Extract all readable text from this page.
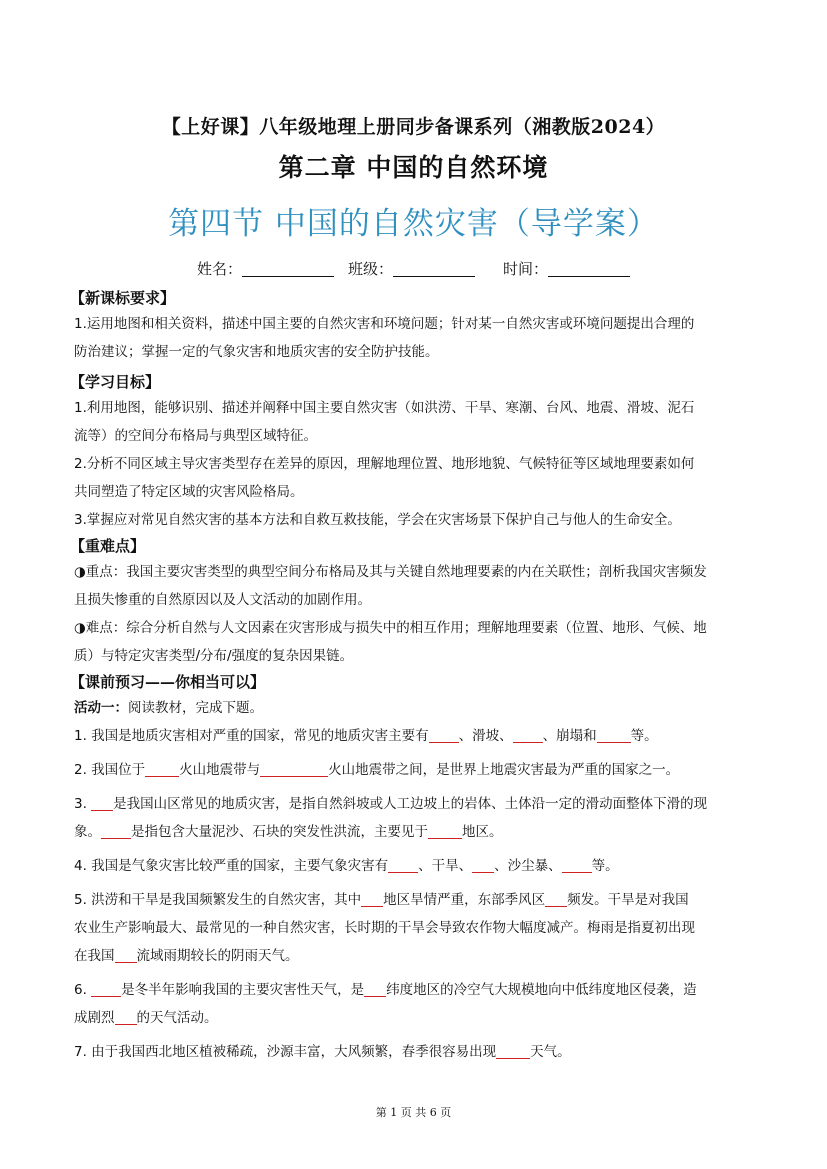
【上好课】八年级地理上册同步备课系列（湘教版2024）
第二章 中国的自然环境
第四节 中国的自然灾害（导学案）
姓名：	班级：	时间：
【新课标要求】

1.运用地图和相关资料，描述中国主要的自然灾害和环境问题；针对某一自然灾害或环境问题提出合理的

防治建议；掌握一定的气象灾害和地质灾害的安全防护技能。

【学习目标】

1.利用地图，能够识别、描述并阐释中国主要自然灾害（如洪涝、干旱、寒潮、台风、地震、滑坡、泥石

流等）的空间分布格局与典型区域特征。

2.分析不同区域主导灾害类型存在差异的原因，理解地理位置、地形地貌、气候特征等区域地理要素如何

共同塑造了特定区域的灾害风险格局。

3.掌握应对常见自然灾害的基本方法和自救互救技能，学会在灾害场景下保护自己与他人的生命安全。

【重难点】

◑重点：我国主要灾害类型的典型空间分布格局及其与关键自然地理要素的内在关联性；剖析我国灾害频发

且损失惨重的自然原因以及人文活动的加剧作用。

◑难点：综合分析自然与人文因素在灾害形成与损失中的相互作用；理解地理要素（位置、地形、气候、地

质）与特定灾害类型/分布/强度的复杂因果链。

【课前预习——你相当可以】

活动一：阅读教材，完成下题。

1. 我国是地质灾害相对严重的国家，常见的地质灾害主要有 、滑坡、 、崩塌和	等。

2. 我国位于	火山地震带与	火山地震带之间，是世界上地震灾害最为严重的国家之一。

3. 是我国山区常见的地质灾害，是指自然斜坡或人工边坡上的岩体、土体沿一定的滑动面整体下滑的现

象。 是指包含大量泥沙、石块的突发性洪流，主要见于	地区。

4. 我国是气象灾害比较严重的国家，主要气象灾害有 、干旱、 、沙尘暴、 等。

5. 洪涝和干旱是我国频繁发生的自然灾害，其中 地区旱情严重，东部季风区 频发。干旱是对我国

农业生产影响最大、最常见的一种自然灾害，长时期的干旱会导致农作物大幅度减产。梅雨是指夏初出现

在我国 流域雨期较长的阴雨天气。

6. 是冬半年影响我国的主要灾害性天气，是 纬度地区的冷空气大规模地向中低纬度地区侵袭，造

成剧烈 的天气活动。

7. 由于我国西北地区植被稀疏，沙源丰富，大风频繁，春季很容易出现	天气。

第 1 页 共 6 页
